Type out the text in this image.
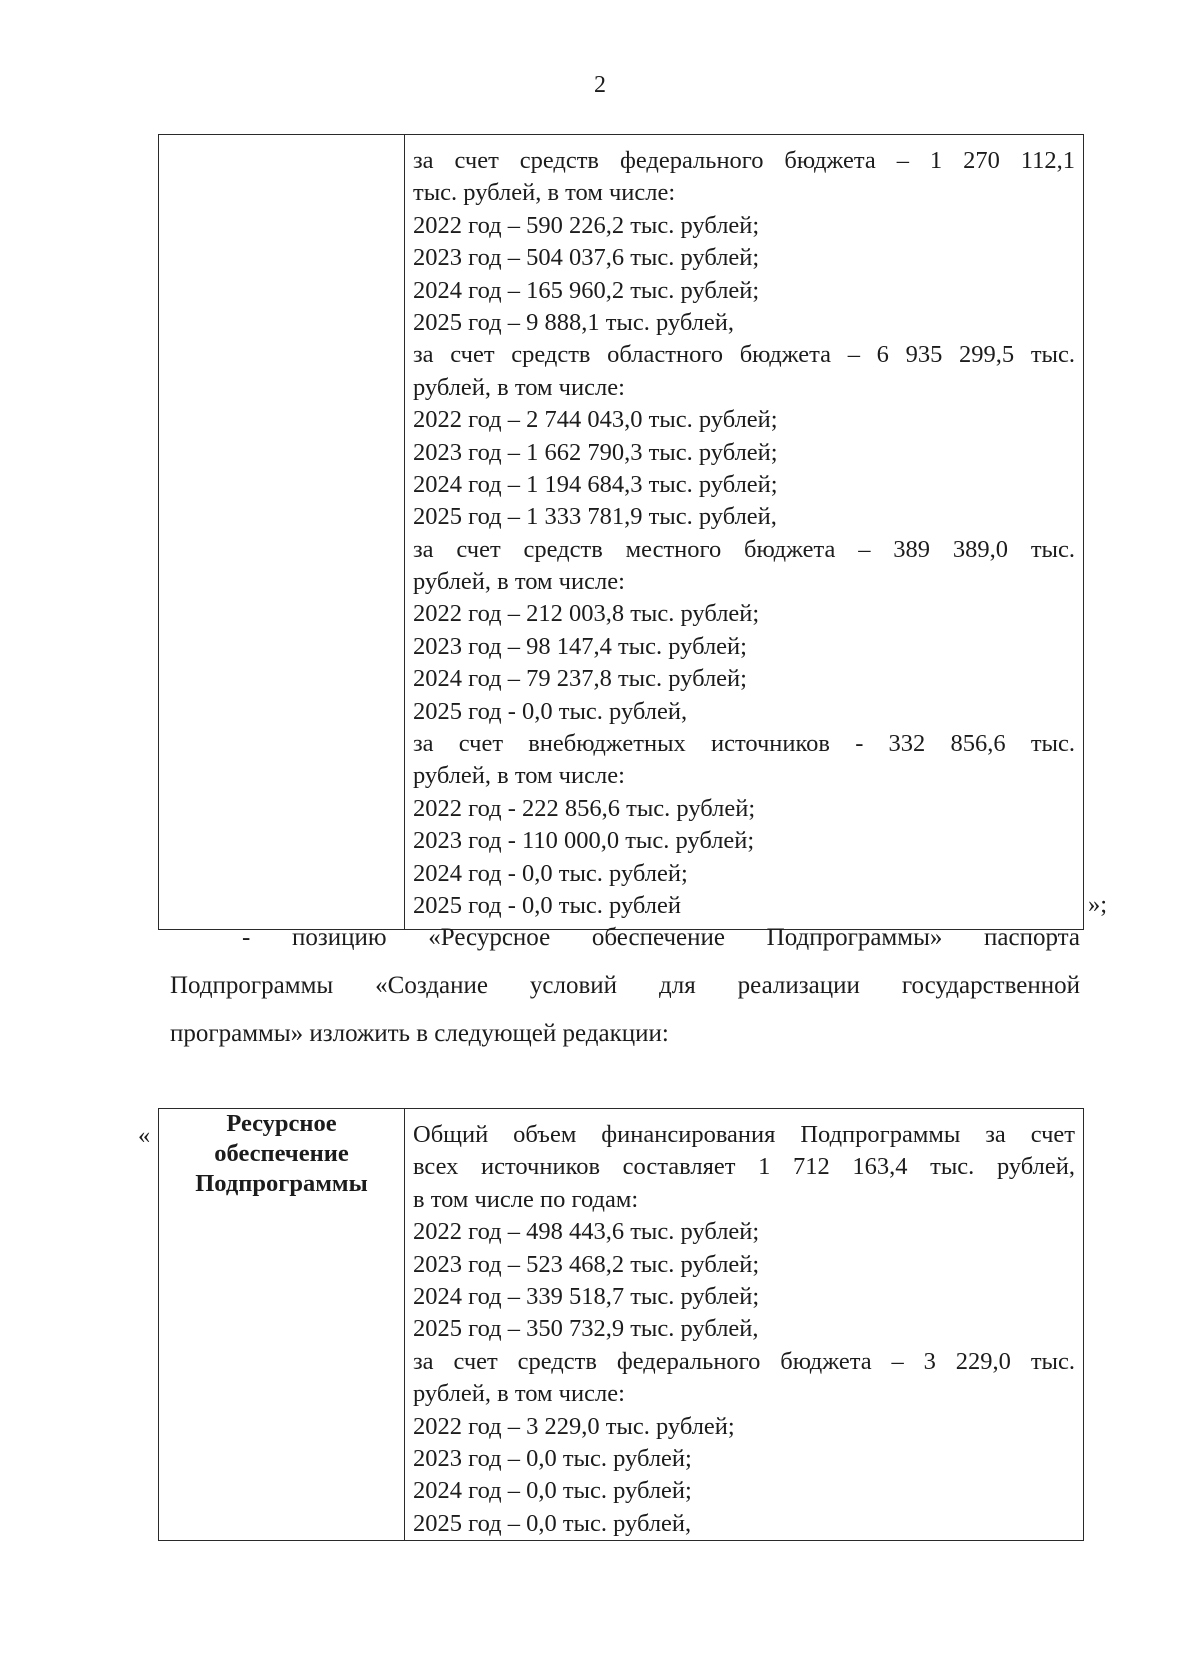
2

за счет средств федерального бюджета – 1 270 112,1
тыс. рублей, в том числе:
2022 год – 590 226,2 тыс. рублей;
2023 год – 504 037,6 тыс. рублей;
2024 год – 165 960,2 тыс. рублей;
2025 год – 9 888,1 тыс. рублей,
за счет средств областного бюджета – 6 935 299,5 тыс.
рублей, в том числе:
2022 год – 2 744 043,0 тыс. рублей;
2023 год – 1 662 790,3 тыс. рублей;
2024 год – 1 194 684,3 тыс. рублей;
2025 год – 1 333 781,9 тыс. рублей,
за счет средств местного бюджета – 389 389,0 тыс.
рублей, в том числе:
2022 год – 212 003,8 тыс. рублей;
2023 год – 98 147,4 тыс. рублей;
2024 год – 79 237,8 тыс. рублей;
2025 год - 0,0 тыс. рублей,
за счет внебюджетных источников - 332 856,6 тыс.
рублей, в том числе:
2022 год - 222 856,6 тыс. рублей;
2023 год - 110 000,0 тыс. рублей;
2024 год - 0,0 тыс. рублей;
2025 год - 0,0 тыс. рублей	»;
- позицию «Ресурсное обеспечение Подпрограммы» паспорта
Подпрограммы «Создание условий для реализации государственной
программы» изложить в следующей редакции:
«	Ресурсное
обеспечение
Подпрограммы

Общий объем финансирования Подпрограммы за счет
всех источников составляет 1 712 163,4 тыс. рублей,
в том числе по годам:
2022 год – 498 443,6 тыс. рублей;
2023 год – 523 468,2 тыс. рублей;
2024 год – 339 518,7 тыс. рублей;
2025 год – 350 732,9 тыс. рублей,
за счет средств федерального бюджета – 3 229,0 тыс.
рублей, в том числе:
2022 год – 3 229,0 тыс. рублей;
2023 год – 0,0 тыс. рублей;
2024 год – 0,0 тыс. рублей;
2025 год – 0,0 тыс. рублей,
